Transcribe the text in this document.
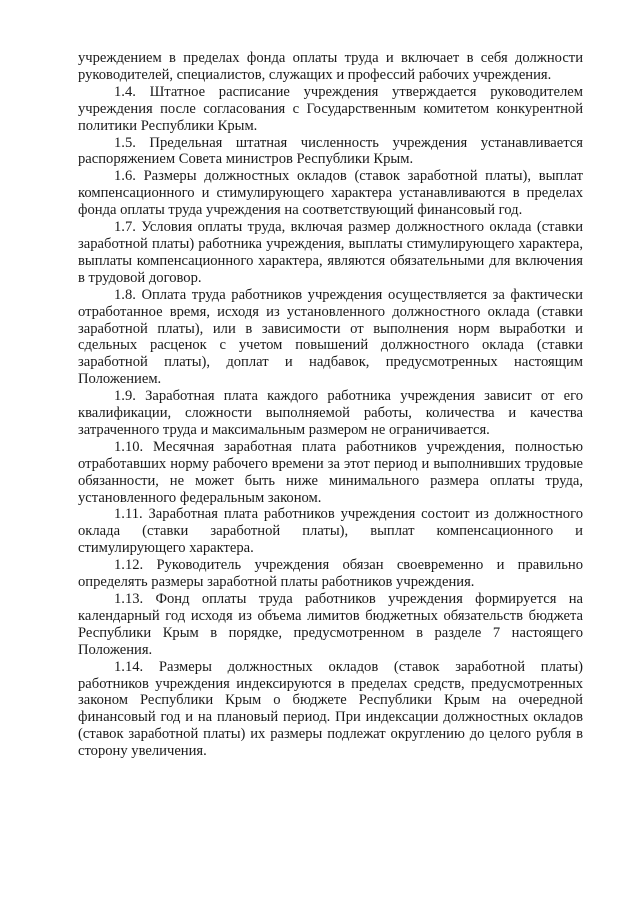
учреждением в пределах фонда оплаты труда и включает в себя должности руководителей, специалистов, служащих и профессий рабочих учреждения.

1.4. Штатное расписание учреждения утверждается руководителем учреждения после согласования с Государственным комитетом конкурентной политики Республики Крым.

1.5. Предельная штатная численность учреждения устанавливается распоряжением Совета министров Республики Крым.

1.6. Размеры должностных окладов (ставок заработной платы), выплат компенсационного и стимулирующего характера устанавливаются в пределах фонда оплаты труда учреждения на соответствующий финансовый год.

1.7. Условия оплаты труда, включая размер должностного оклада (ставки заработной платы) работника учреждения, выплаты стимулирующего характера, выплаты компенсационного характера, являются обязательными для включения в трудовой договор.

1.8. Оплата труда работников учреждения осуществляется за фактически отработанное время, исходя из установленного должностного оклада (ставки заработной платы), или в зависимости от выполнения норм выработки и сдельных расценок с учетом повышений должностного оклада (ставки заработной платы), доплат и надбавок, предусмотренных настоящим Положением.

1.9. Заработная плата каждого работника учреждения зависит от его квалификации, сложности выполняемой работы, количества и качества затраченного труда и максимальным размером не ограничивается.

1.10. Месячная заработная плата работников учреждения, полностью отработавших норму рабочего времени за этот период и выполнивших трудовые обязанности, не может быть ниже минимального размера оплаты труда, установленного федеральным законом.

1.11. Заработная плата работников учреждения состоит из должностного оклада (ставки заработной платы), выплат компенсационного и стимулирующего характера.

1.12. Руководитель учреждения обязан своевременно и правильно определять размеры заработной платы работников учреждения.

1.13. Фонд оплаты труда работников учреждения формируется на календарный год исходя из объема лимитов бюджетных обязательств бюджета Республики Крым в порядке, предусмотренном в разделе 7 настоящего Положения.

1.14. Размеры должностных окладов (ставок заработной платы) работников учреждения индексируются в пределах средств, предусмотренных законом Республики Крым о бюджете Республики Крым на очередной финансовый год и на плановый период. При индексации должностных окладов (ставок заработной платы) их размеры подлежат округлению до целого рубля в сторону увеличения.
